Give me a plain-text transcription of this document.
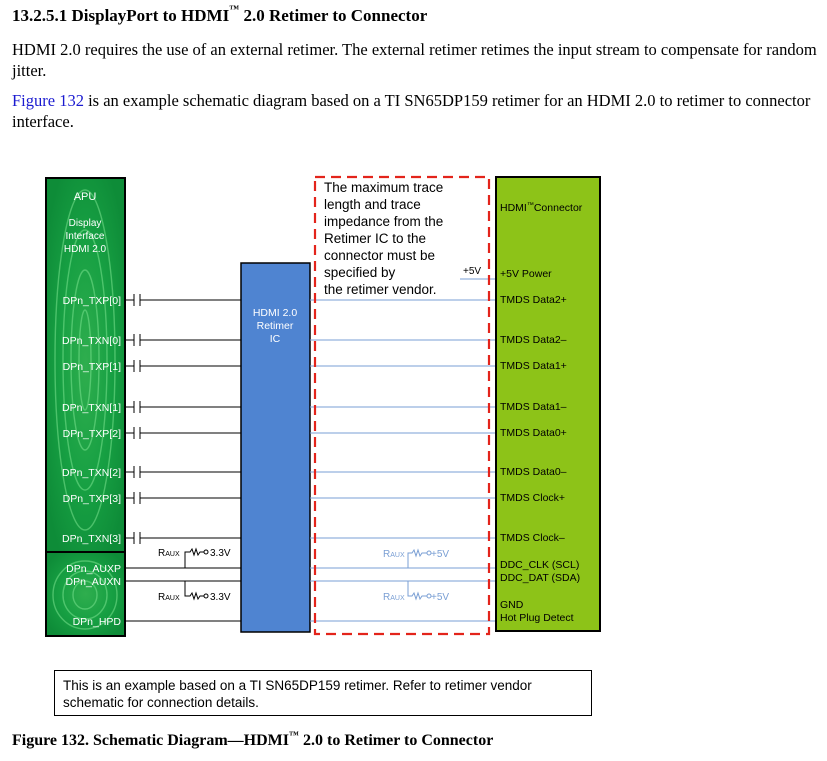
13.2.5.1 DisplayPort to HDMI™ 2.0 Retimer to Connector
HDMI 2.0 requires the use of an external retimer. The external retimer retimes the input stream to compensate for random jitter.
Figure 132 is an example schematic diagram based on a TI SN65DP159 retimer for an HDMI 2.0 to retimer to connector interface.
APU
Display
Interface
HDMI 2.0
DPn_TXP[0]
DPn_TXN[0]
DPn_TXP[1]
DPn_TXN[1]
DPn_TXP[2]
DPn_TXN[2]
DPn_TXP[3]
DPn_TXN[3]
DPn_AUXP
DPn_AUXN
DPn_HPD
RAUX	3.3V
RAUX	3.3V
HDMI 2.0
Retimer
IC
RAUX	+5V
RAUX	+5V
+5V
The maximum trace
length and trace
impedance from the
Retimer IC to the
connector must be
specified by
the retimer vendor.
HDMI™Connector
+5V Power
TMDS Data2+
TMDS Data2–
TMDS Data1+
TMDS Data1–
TMDS Data0+
TMDS Data0–
TMDS Clock+
TMDS Clock–
DDC_CLK (SCL)
DDC_DAT (SDA)
GND
Hot Plug Detect
This is an example based on a TI SN65DP159 retimer. Refer to retimer vendor schematic for connection details.
Figure 132. Schematic Diagram—HDMI™ 2.0 to Retimer to Connector
